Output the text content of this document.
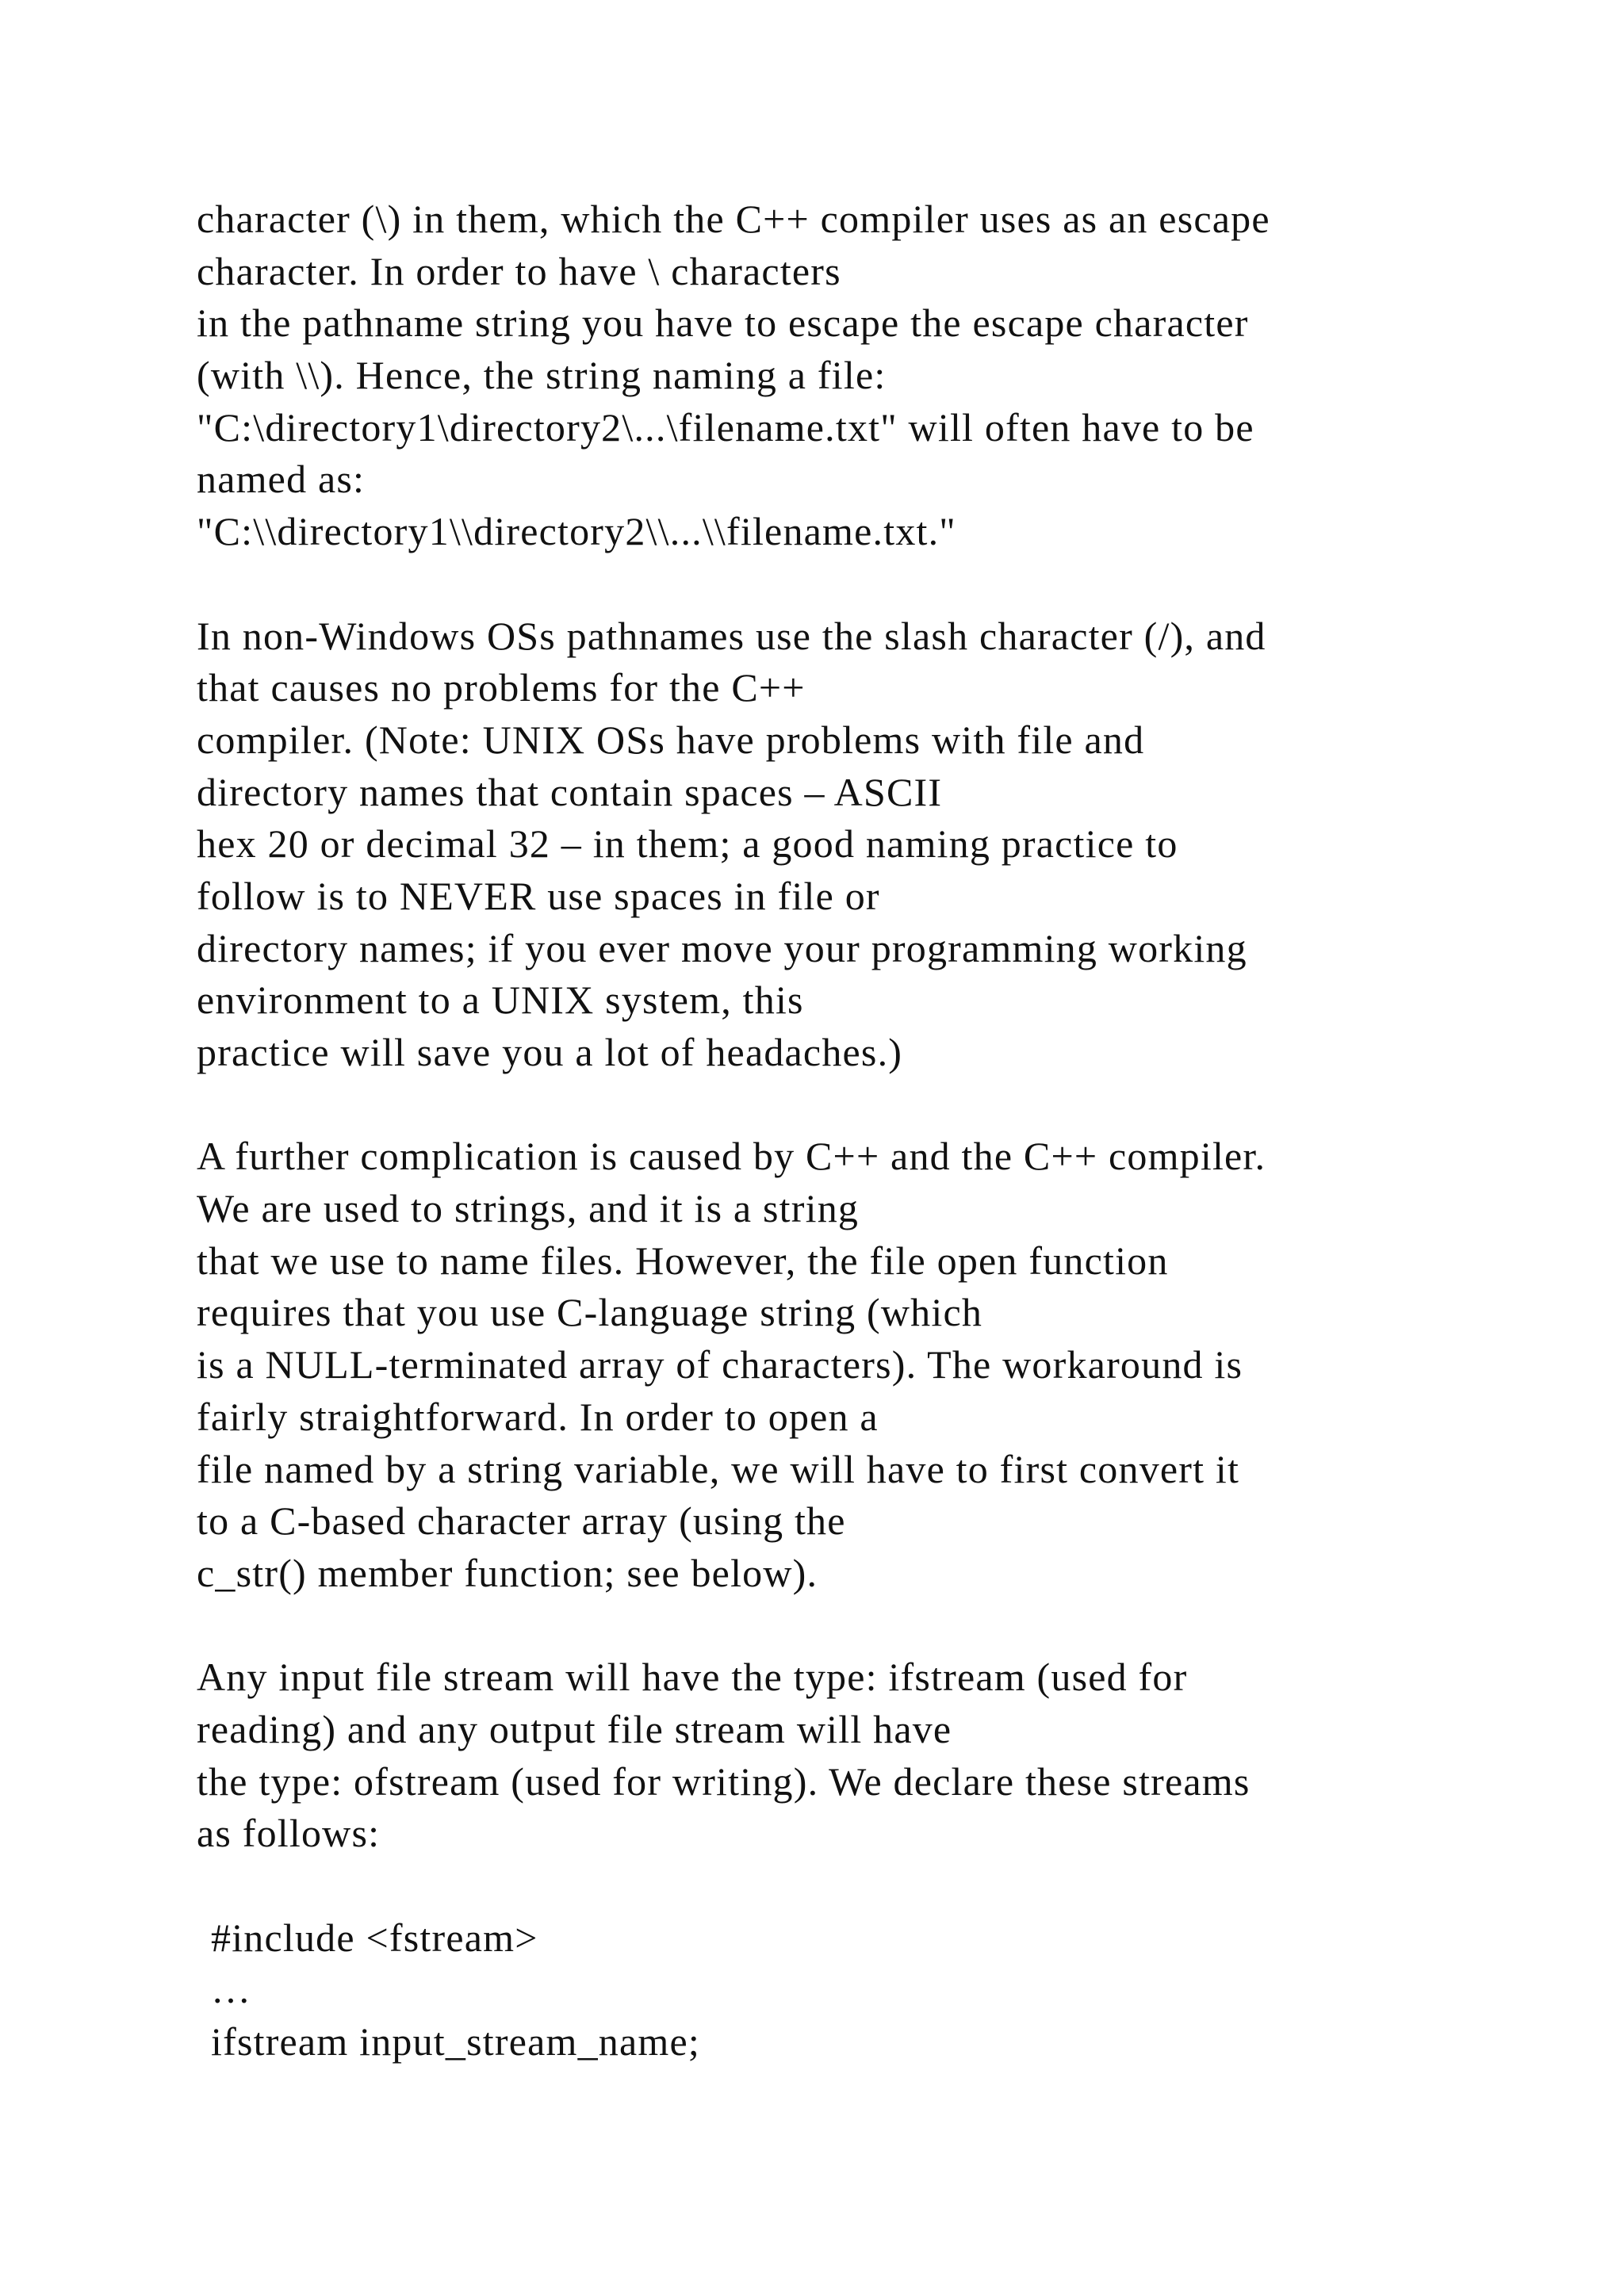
character (\) in them, which the C++ compiler uses as an escape
character. In order to have \ characters
in the pathname string you have to escape the escape character
(with \\). Hence, the string naming a file:
"C:\directory1\directory2\...\filename.txt" will often have to be
named as:
"C:\\directory1\\directory2\\...\\filename.txt."
In non-Windows OSs pathnames use the slash character (/), and
that causes no problems for the C++
compiler. (Note: UNIX OSs have problems with file and
directory names that contain spaces – ASCII
hex 20 or decimal 32 – in them; a good naming practice to
follow is to NEVER use spaces in file or
directory names; if you ever move your programming working
environment to a UNIX system, this
practice will save you a lot of headaches.)
A further complication is caused by C++ and the C++ compiler.
We are used to strings, and it is a string
that we use to name files. However, the file open function
requires that you use C-language string (which
is a NULL-terminated array of characters). The workaround is
fairly straightforward. In order to open a
file named by a string variable, we will have to first convert it
to a C-based character array (using the
c_str() member function; see below).
Any input file stream will have the type: ifstream (used for
reading) and any output file stream will have
the type: ofstream (used for writing). We declare these streams
as follows:
#include <fstream>
…
ifstream input_stream_name;
